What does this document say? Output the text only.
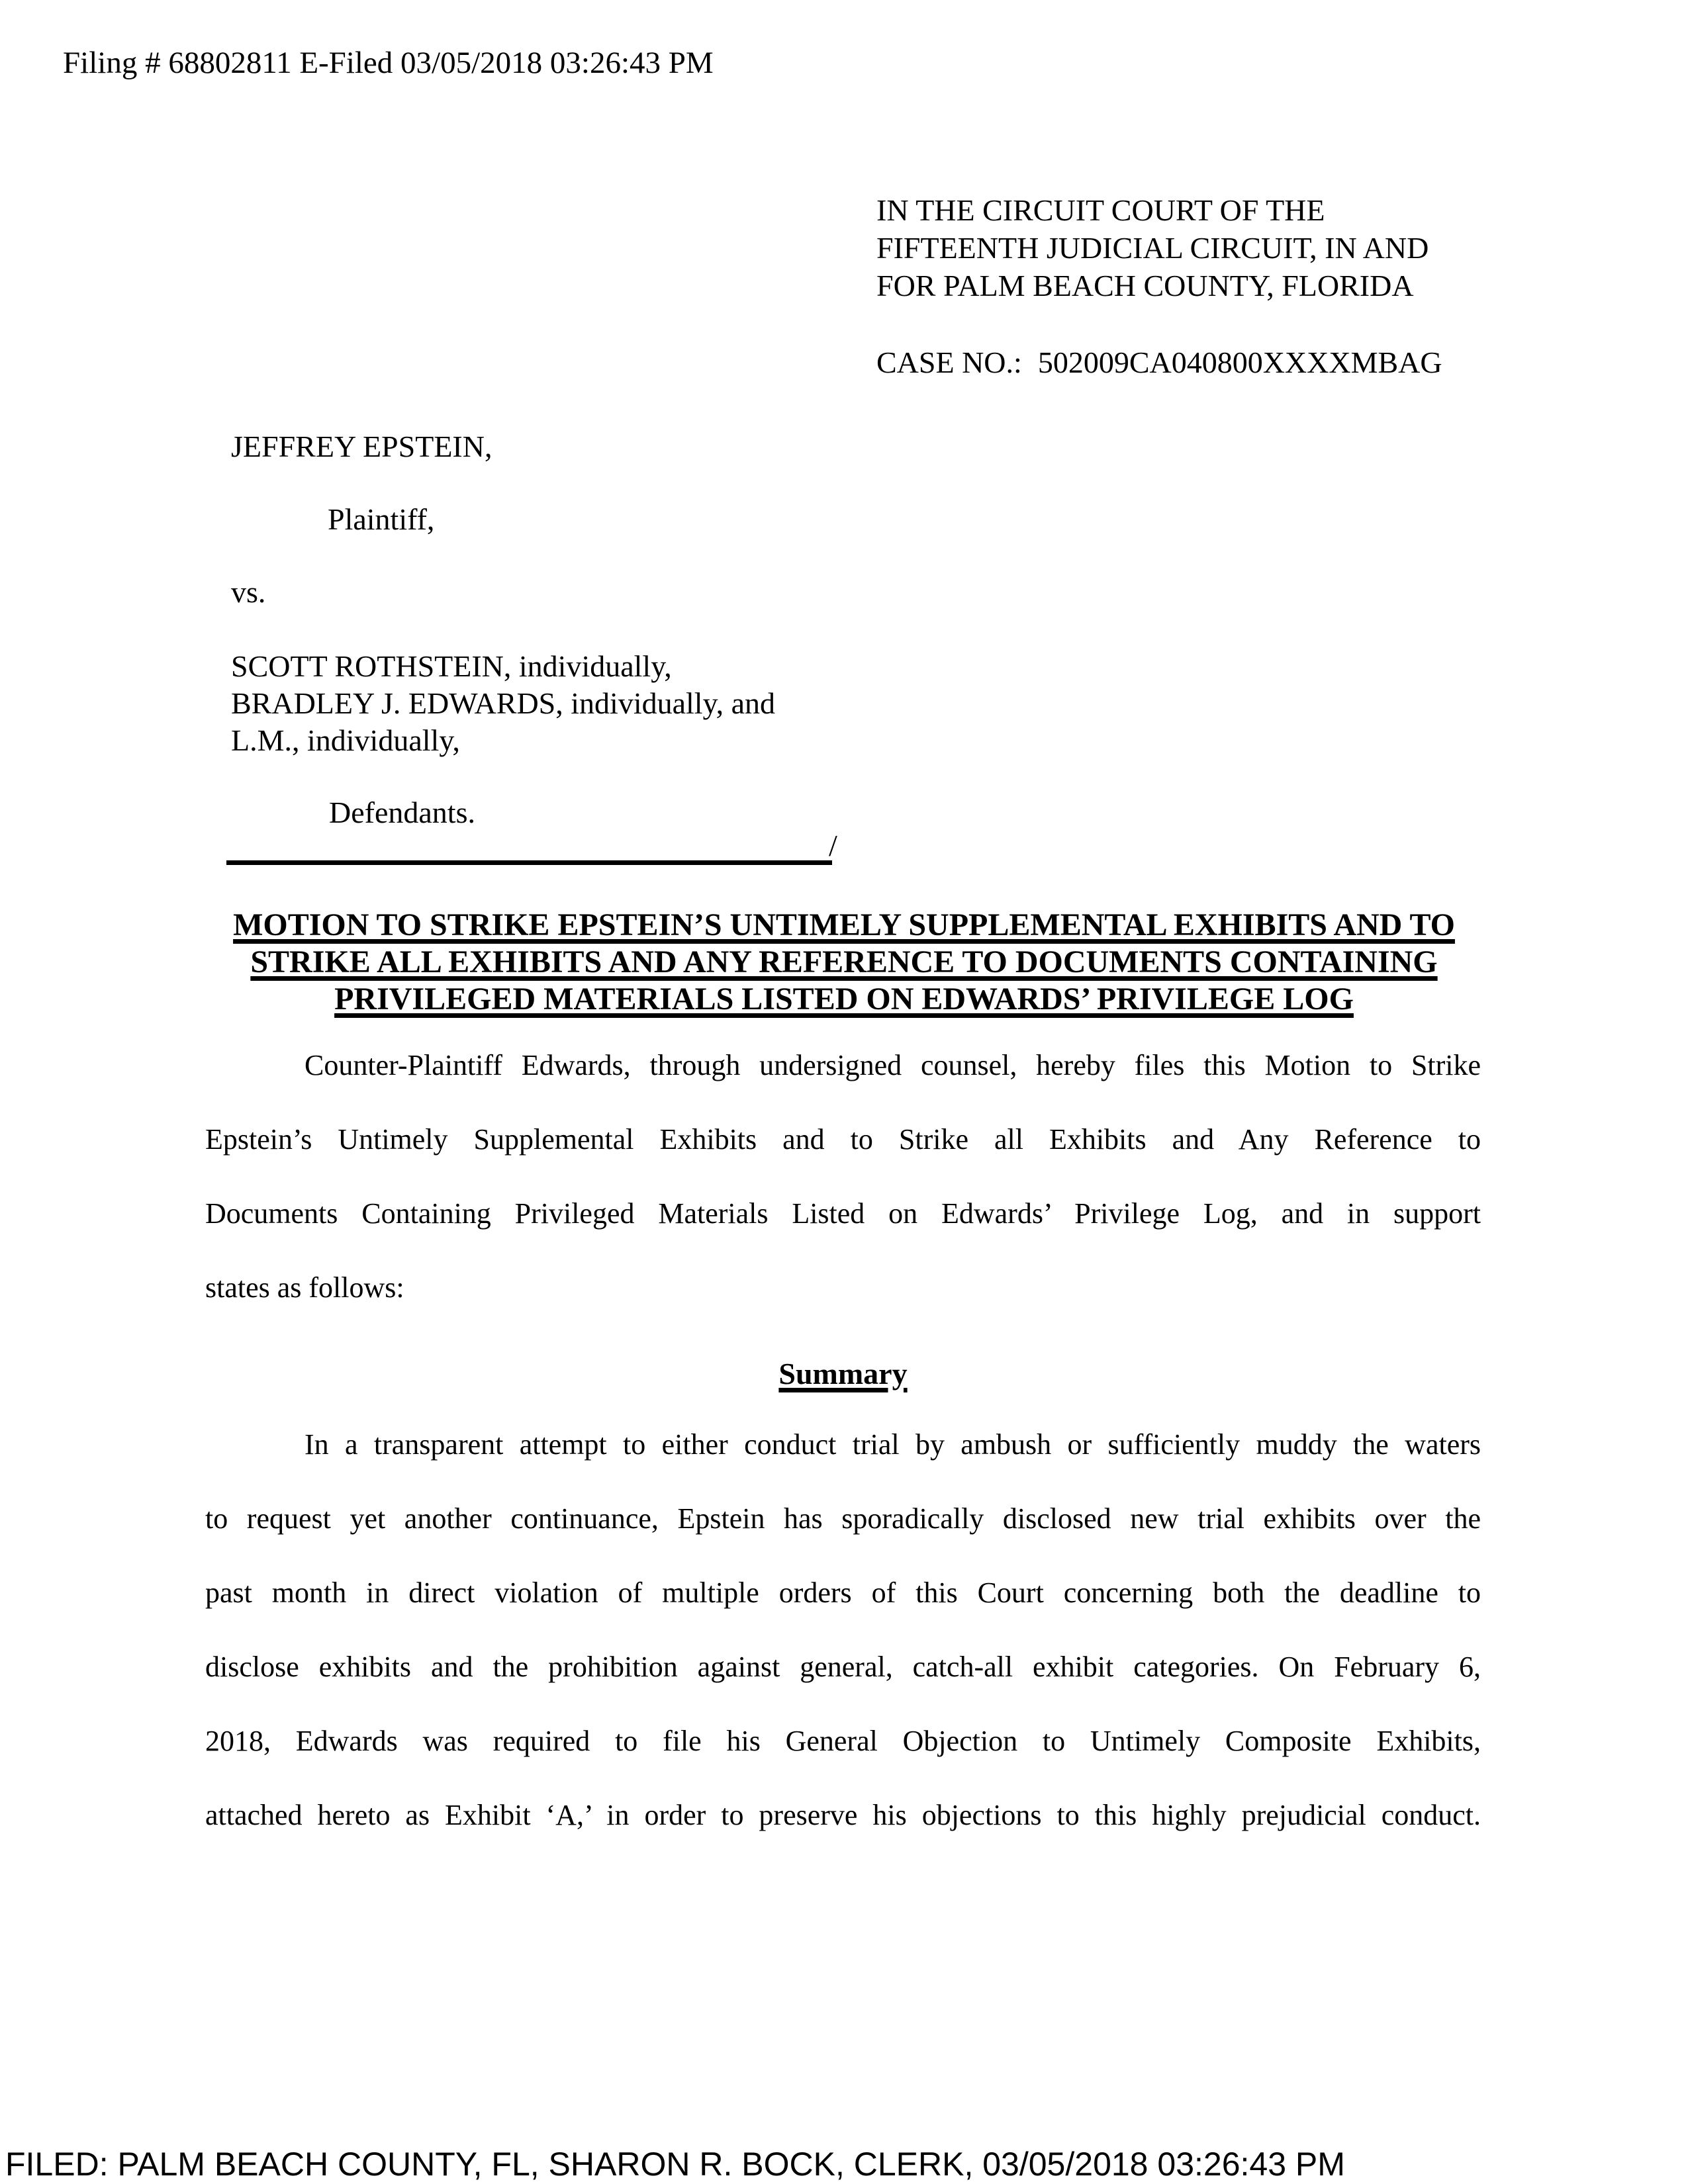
Filing # 68802811 E-Filed 03/05/2018 03:26:43 PM
IN THE CIRCUIT COURT OF THE
FIFTEENTH JUDICIAL CIRCUIT, IN AND
FOR PALM BEACH COUNTY, FLORIDA
CASE NO.: 502009CA040800XXXXMBAG
JEFFREY EPSTEIN,
Plaintiff,
vs.
SCOTT ROTHSTEIN, individually,
BRADLEY J. EDWARDS, individually, and
L.M., individually,
Defendants.
/
MOTION TO STRIKE EPSTEIN’S UNTIMELY SUPPLEMENTAL EXHIBITS AND TO
STRIKE ALL EXHIBITS AND ANY REFERENCE TO DOCUMENTS CONTAINING
PRIVILEGED MATERIALS LISTED ON EDWARDS’ PRIVILEGE LOG
Counter-Plaintiff Edwards, through undersigned counsel, hereby files this Motion to Strike
Epstein’s Untimely Supplemental Exhibits and to Strike all Exhibits and Any Reference to
Documents Containing Privileged Materials Listed on Edwards’ Privilege Log, and in support
states as follows:
Summary
In a transparent attempt to either conduct trial by ambush or sufficiently muddy the waters
to request yet another continuance, Epstein has sporadically disclosed new trial exhibits over the
past month in direct violation of multiple orders of this Court concerning both the deadline to
disclose exhibits and the prohibition against general, catch-all exhibit categories. On February 6,
2018, Edwards was required to file his General Objection to Untimely Composite Exhibits,
attached hereto as Exhibit ‘A,’ in order to preserve his objections to this highly prejudicial conduct.
FILED: PALM BEACH COUNTY, FL, SHARON R. BOCK, CLERK, 03/05/2018 03:26:43 PM
